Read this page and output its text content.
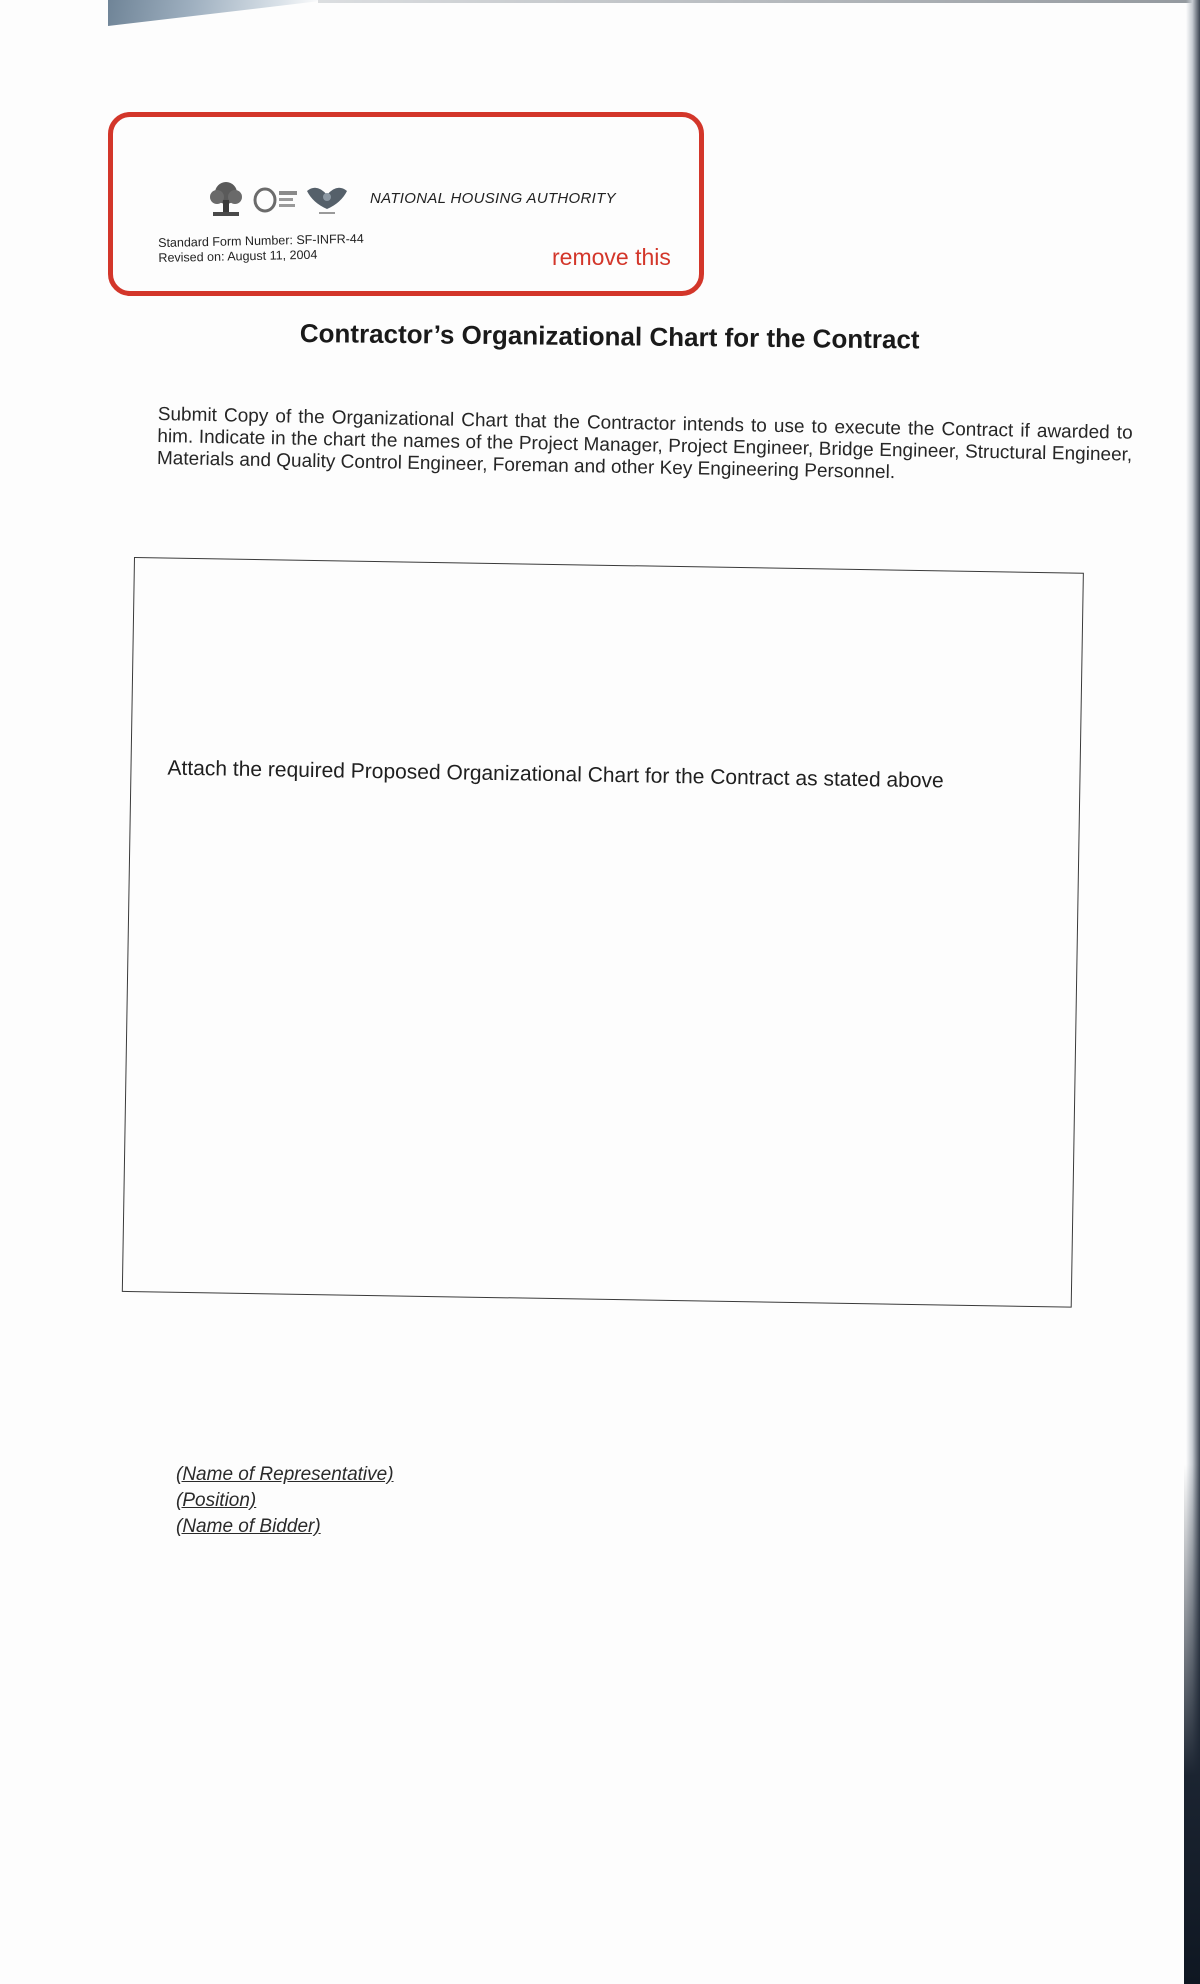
NATIONAL HOUSING AUTHORITY
Standard Form Number: SF-INFR-44
Revised on: August 11, 2004	remove this
Contractor’s Organizational Chart for the Contract
Submit Copy of the Organizational Chart that the Contractor intends to use to execute the Contract if awarded to him. Indicate in the chart the names of the Project Manager, Project Engineer, Bridge Engineer, Structural Engineer, Materials and Quality Control Engineer, Foreman and other Key Engineering Personnel.
Attach the required Proposed Organizational Chart for the Contract as stated above
(Name of Representative)
(Position)
(Name of Bidder)
